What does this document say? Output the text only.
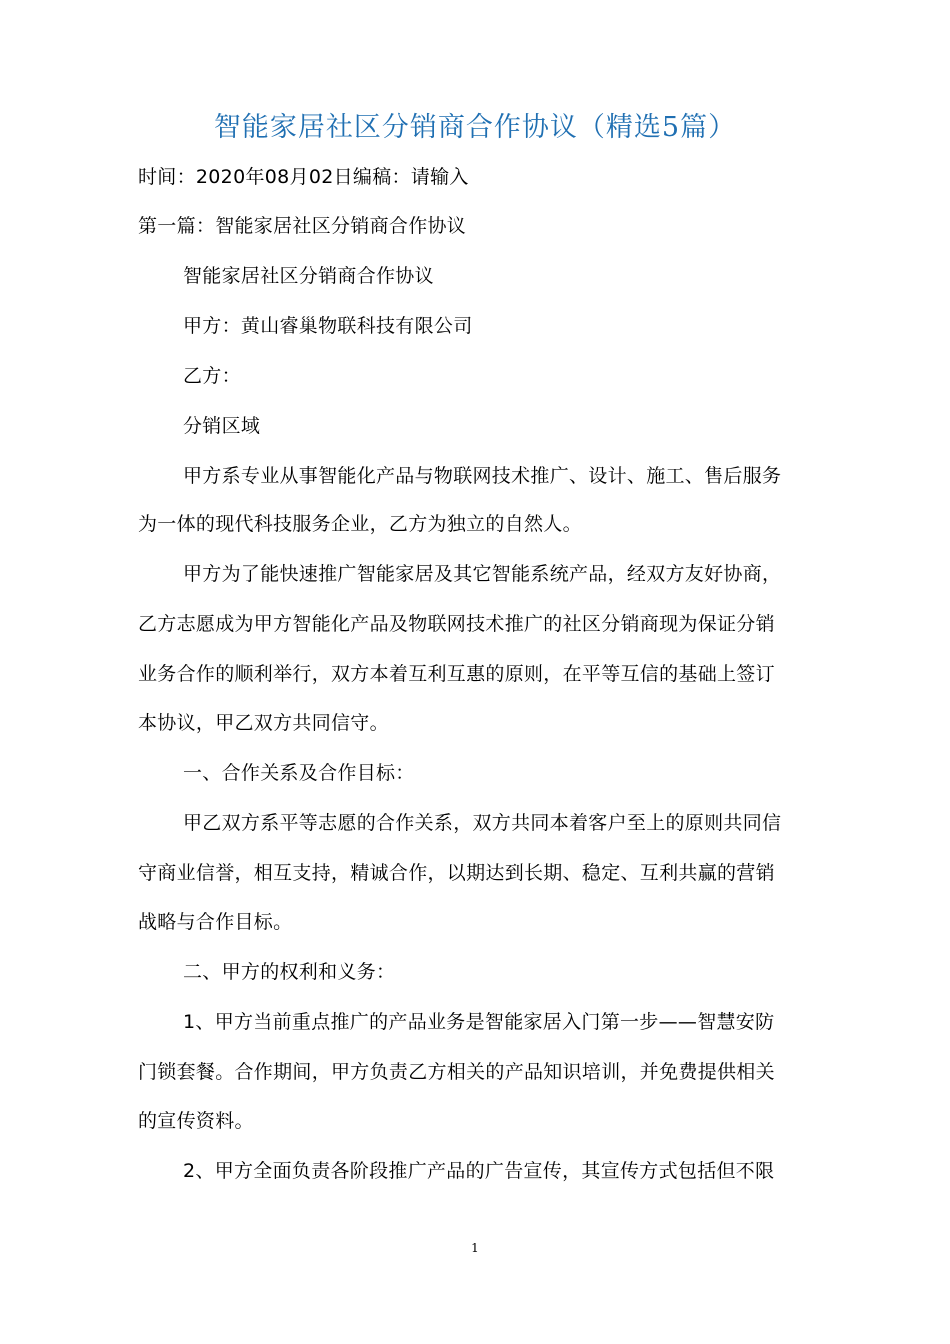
智能家居社区分销商合作协议（精选5篇）
时间：2020年08月02日编稿：请输入
第一篇：智能家居社区分销商合作协议
智能家居社区分销商合作协议
甲方：黄山睿巢物联科技有限公司
乙方：
分销区域
甲方系专业从事智能化产品与物联网技术推广、设计、施工、售后服务
为一体的现代科技服务企业，乙方为独立的自然人。
甲方为了能快速推广智能家居及其它智能系统产品，经双方友好协商，
乙方志愿成为甲方智能化产品及物联网技术推广的社区分销商现为保证分销
业务合作的顺利举行，双方本着互利互惠的原则，在平等互信的基础上签订
本协议，甲乙双方共同信守。
一、合作关系及合作目标：
甲乙双方系平等志愿的合作关系，双方共同本着客户至上的原则共同信
守商业信誉，相互支持，精诚合作，以期达到长期、稳定、互利共赢的营销
战略与合作目标。
二、甲方的权利和义务：
1、甲方当前重点推广的产品业务是智能家居入门第一步——智慧安防
门锁套餐。合作期间，甲方负责乙方相关的产品知识培训，并免费提供相关
的宣传资料。
2、甲方全面负责各阶段推广产品的广告宣传，其宣传方式包括但不限
1
